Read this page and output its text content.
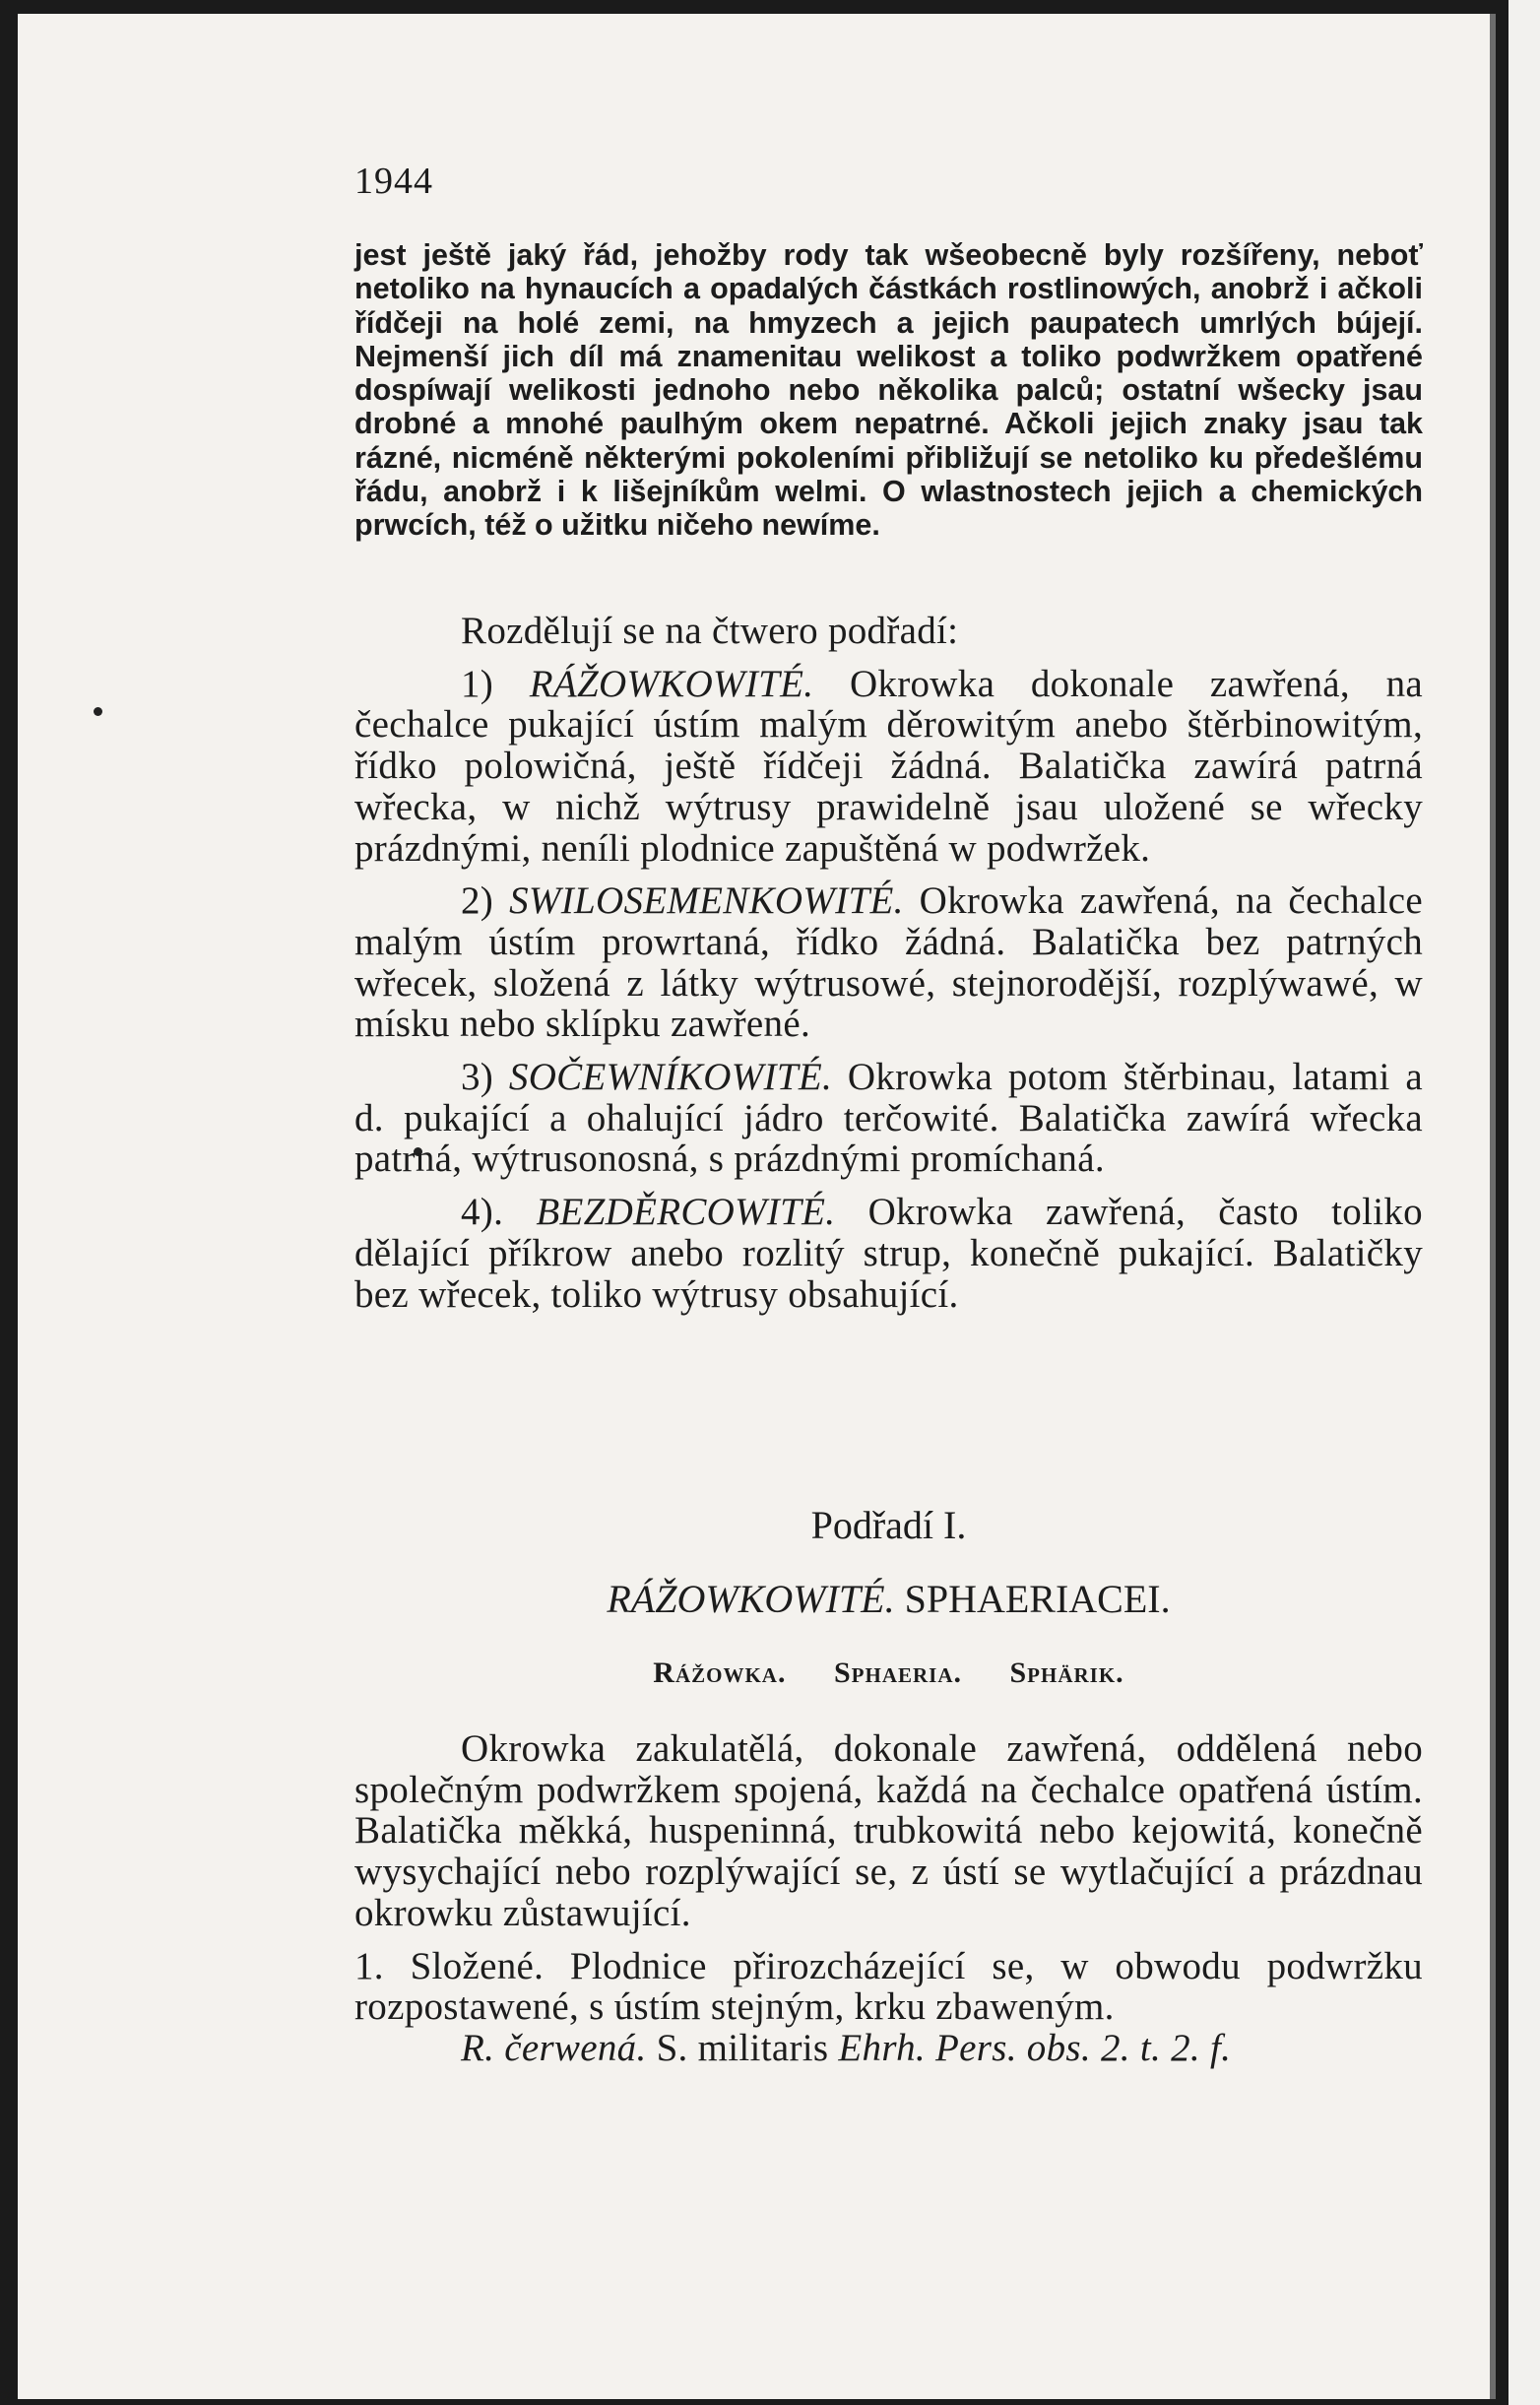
1944

jest ještě jaký řád, jehožby rody tak wšeobecně byly rozšířeny, neboť netoliko na hynaucích a opadalých částkách rostlinowých, anobrž i ačkoli řídčeji na holé zemi, na hmyzech a jejich paupatech umrlých bújejí. Nejmenší jich díl má znamenitau welikost a toliko podwržkem opatřené dospíwají welikosti jednoho nebo několika palců; ostatní wšecky jsau drobné a mnohé paulhým okem nepatrné. Ačkoli jejich znaky jsau tak rázné, nicméně některými pokoleními přibližují se netoliko ku předešlému řádu, anobrž i k lišejníkům welmi. O wlastnostech jejich a chemických prwcích, též o užitku ničeho newíme.

Rozdělují se na čtwero podřadí:

1) RÁŽOWKOWITÉ. Okrowka dokonale zawřená, na čechalce pukající ústím malým děrowitým anebo štěrbinowitým, řídko polowičná, ještě řídčeji žádná. Balatička zawírá patrná wřecka, w nichž wýtrusy prawidelně jsau uložené se wřecky prázdnými, neníli plodnice zapuštěná w podwržek.

2) SWILOSEMENKOWITÉ. Okrowka zawřená, na čechalce malým ústím prowrtaná, řídko žádná. Balatička bez patrných wřecek, složená z látky wýtrusowé, stejnorodější, rozplýwawé, w mísku nebo sklípku zawřené.

3) SOČEWNÍKOWITÉ. Okrowka potom štěrbinau, latami a d. pukající a ohalující jádro terčowité. Balatička zawírá wřecka patrná, wýtrusonosná, s prázdnými promíchaná.

4). BEZDĚRCOWITÉ. Okrowka zawřená, často toliko dělající příkrow anebo rozlitý strup, konečně pukající. Balatičky bez wřecek, toliko wýtrusy obsahující.

Podřadí I.
RÁŽOWKOWITÉ. SPHAERIACEI.
Rážowka. Sphaeria. Sphärik.

Okrowka zakulatělá, dokonale zawřená, oddělená nebo společným podwržkem spojená, každá na čechalce opatřená ústím. Balatička měkká, huspeninná, trubkowitá nebo kejowitá, konečně wysychající nebo rozplýwající se, z ústí se wytlačující a prázdnau okrowku zůstawující.

1. Složené. Plodnice přirozcházející se, w obwodu podwržku rozpostawené, s ústím stejným, krku zbaweným.

R. čerwená. S. militaris Ehrh. Pers. obs. 2. t. 2. f.
